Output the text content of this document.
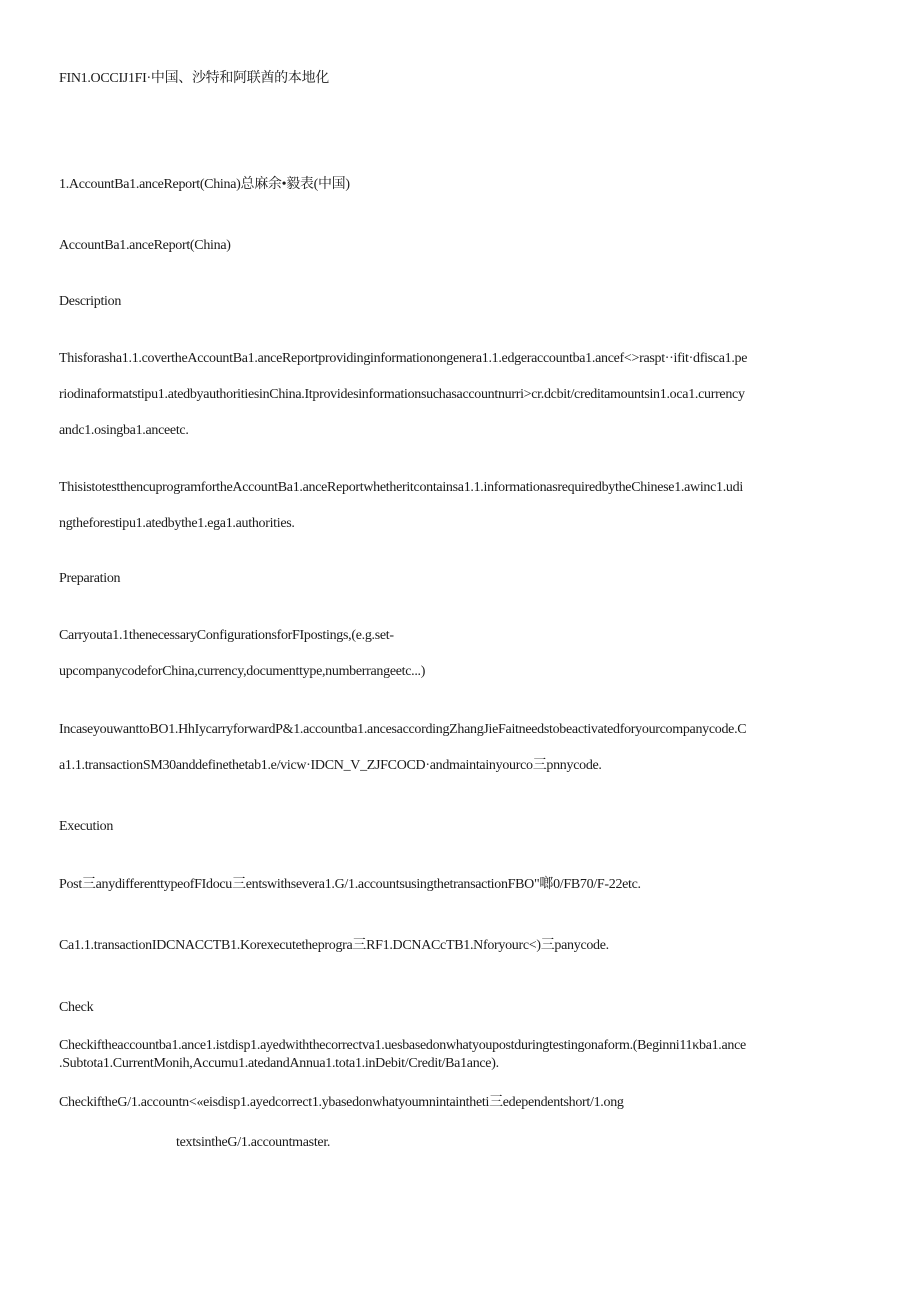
FIN1.OCCIJ1FI·中国、沙特和阿联酋的本地化

1.AccountBa1.anceReport(China)总麻余•毅表(中国)

AccountBa1.anceReport(China)

Description

Thisforasha1.1.covertheAccountBa1.anceReportprovidinginformationongenera1.1.edgeraccountba1.ancef<>raspt··ifit·dfisca1.pe

riodinaformatstipu1.atedbyauthoritiesinChina.Itprovidesinformationsuchasaccountnurri>cr.dcbit/creditamountsin1.oca1.currency

andc1.osingba1.anceetc.

ThisistotestthencuprogramfortheAccountBa1.anceReportwhetheritcontainsa1.1.informationasrequiredbytheChinese1.awinc1.udi

ngtheforestipu1.atedbythe1.ega1.authorities.

Preparation

Carryouta1.1thenecessaryConfigurationsforFIpostings,(e.g.set-

upcompanycodeforChina,currency,documenttype,numberrangeetc...)

IncaseyouwanttoBO1.HhIycarryforwardP&1.accountba1.ancesaccordingZhangJieFaitneedstobeactivatedforyourcompanycode.C

a1.1.transactionSM30anddefinethetab1.e/vicw·IDCN_V_ZJFCOCD·andmaintainyourco三pnnycode.

Execution

Post三anydifferenttypeofFIdocu三entswithsevera1.G/1.accountsusingthetransactionFBO"啷0/FB70/F-22etc.

Ca1.1.transactionIDCNACCTB1.Korexecutetheprogra三RF1.DCNACcTB1.Nforyourc<)三panycode.

Check

Checkiftheaccountba1.ance1.istdisp1.ayedwiththecorrectva1.uesbasedonwhatyoupostduringtestingonaform.(Beginni11κba1.ance

.Subtota1.CurrentMonih,Accumu1.atedandAnnua1.tota1.inDebit/Credit/Ba1ance).

CheckiftheG/1.accountn<«eisdisp1.ayedcorrect1.ybasedonwhatyoumnintaintheti三edependentshort/1.ong

textsintheG/1.accountmaster.
